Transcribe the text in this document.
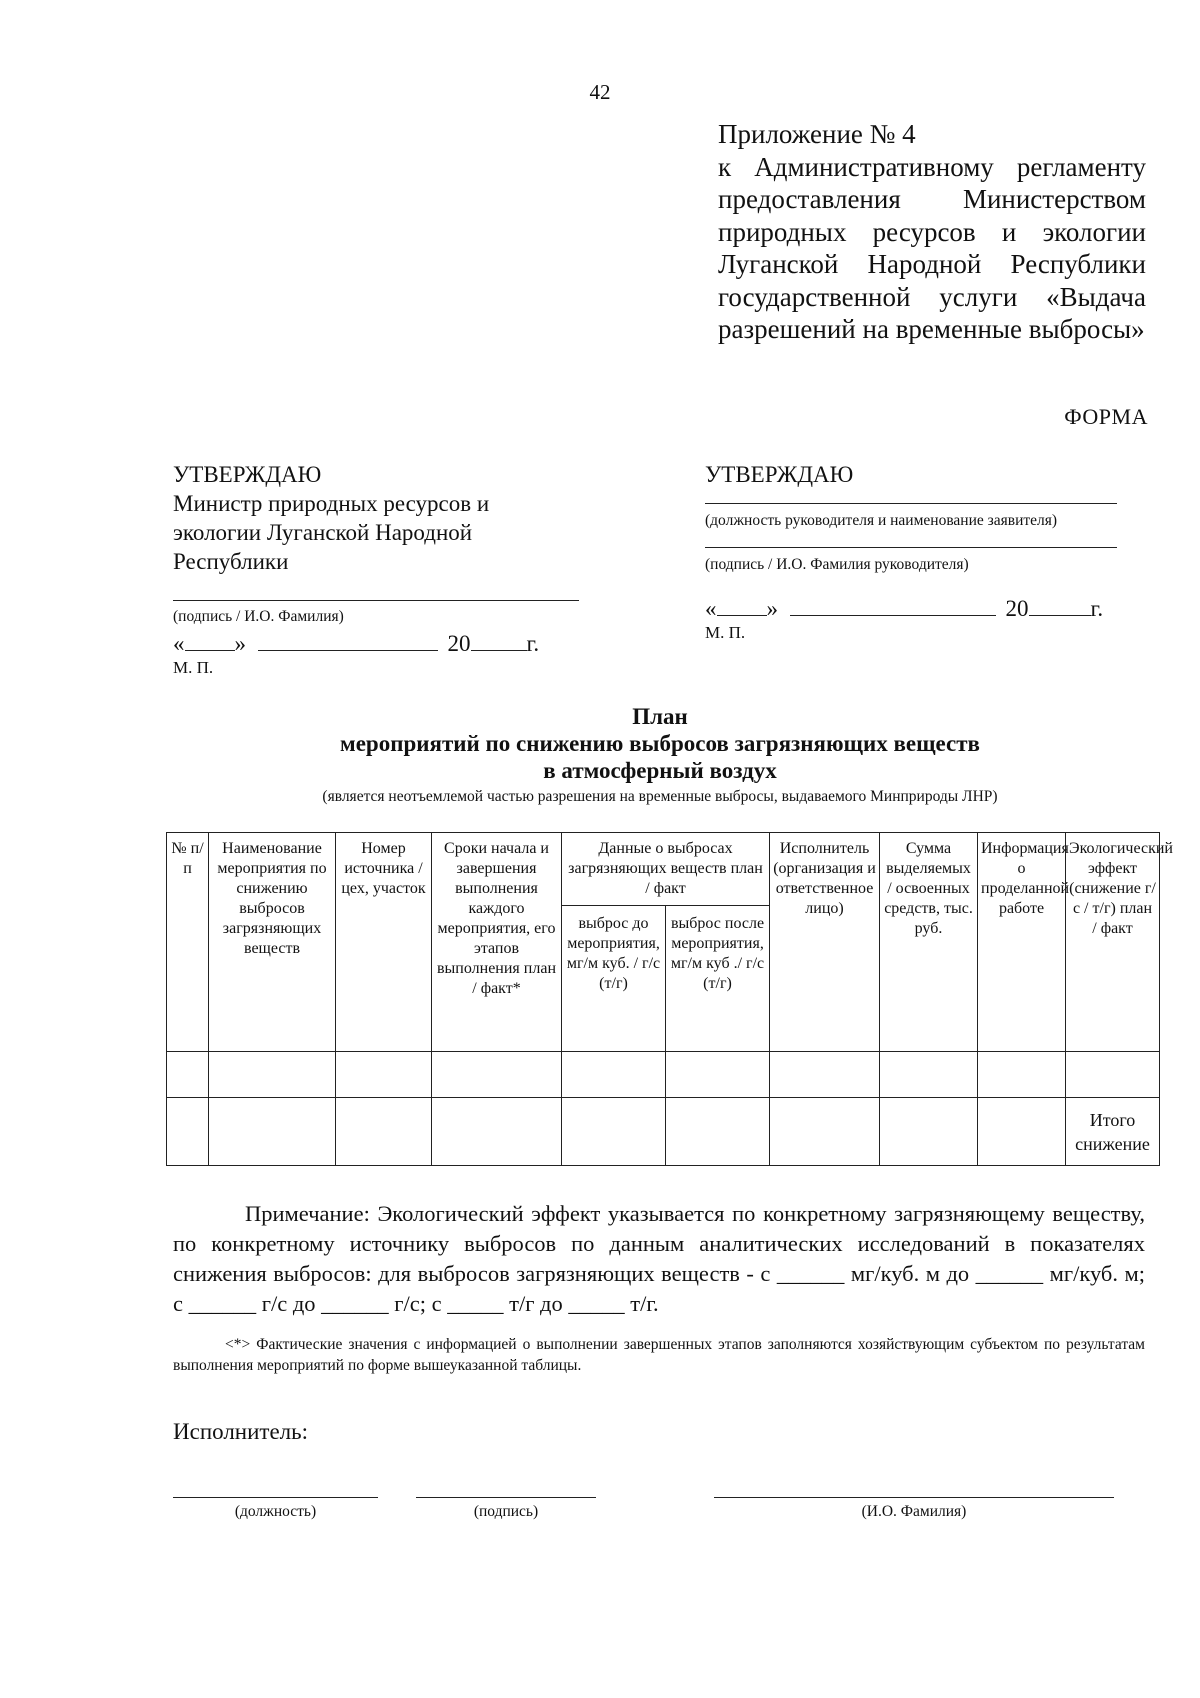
42
Приложение № 4
к Административному регламенту предоставления Министерством природных ресурсов и экологии Луганской Народной Республики государственной услуги «Выдача разрешений на временные выбросы»
ФОРМА
УТВЕРЖДАЮ
Министр природных ресурсов и экологии Луганской Народной Республики
(подпись / И.О. Фамилия)
« »	20 г.
М. П.
УТВЕРЖДАЮ
(должность руководителя и наименование заявителя)
(подпись / И.О. Фамилия руководителя)
« »	20	г.
М. П.
План
мероприятий по снижению выбросов загрязняющих веществ
в атмосферный воздух
(является неотъемлемой частью разрешения на временные выбросы, выдаваемого Минприроды ЛНР)
№ п/п	Наименование мероприятия по снижению выбросов загрязняющих веществ	Номер источника / цех, участок	Сроки начала и завершения выполнения каждого мероприятия, его этапов выполнения план / факт*	Данные о выбросах загрязняющих веществ план / факт		Исполнитель (организация и ответственное лицо)	Сумма выделяемых / освоенных средств, тыс. руб.	Информация о проделанной работе	Экологический эффект (снижение г/с / т/г) план / факт
				выброс до мероприятия, мг/м куб. / г/с (т/г)	выброс после мероприятия, мг/м куб ./ г/с (т/г)				

									Итого снижение

Примечание: Экологический эффект указывается по конкретному загрязняющему веществу, по конкретному источнику выбросов по данным аналитических исследований в показателях снижения выбросов: для выбросов загрязняющих веществ - с ______ мг/куб. м до ______ мг/куб. м; с ______ г/с до ______ г/с; с _____ т/г до _____ т/г.

<*> Фактические значения с информацией о выполнении завершенных этапов заполняются хозяйствующим субъектом по результатам выполнения мероприятий по форме вышеуказанной таблицы.

Исполнитель:
(должность)	(подпись)	(И.О. Фамилия)
